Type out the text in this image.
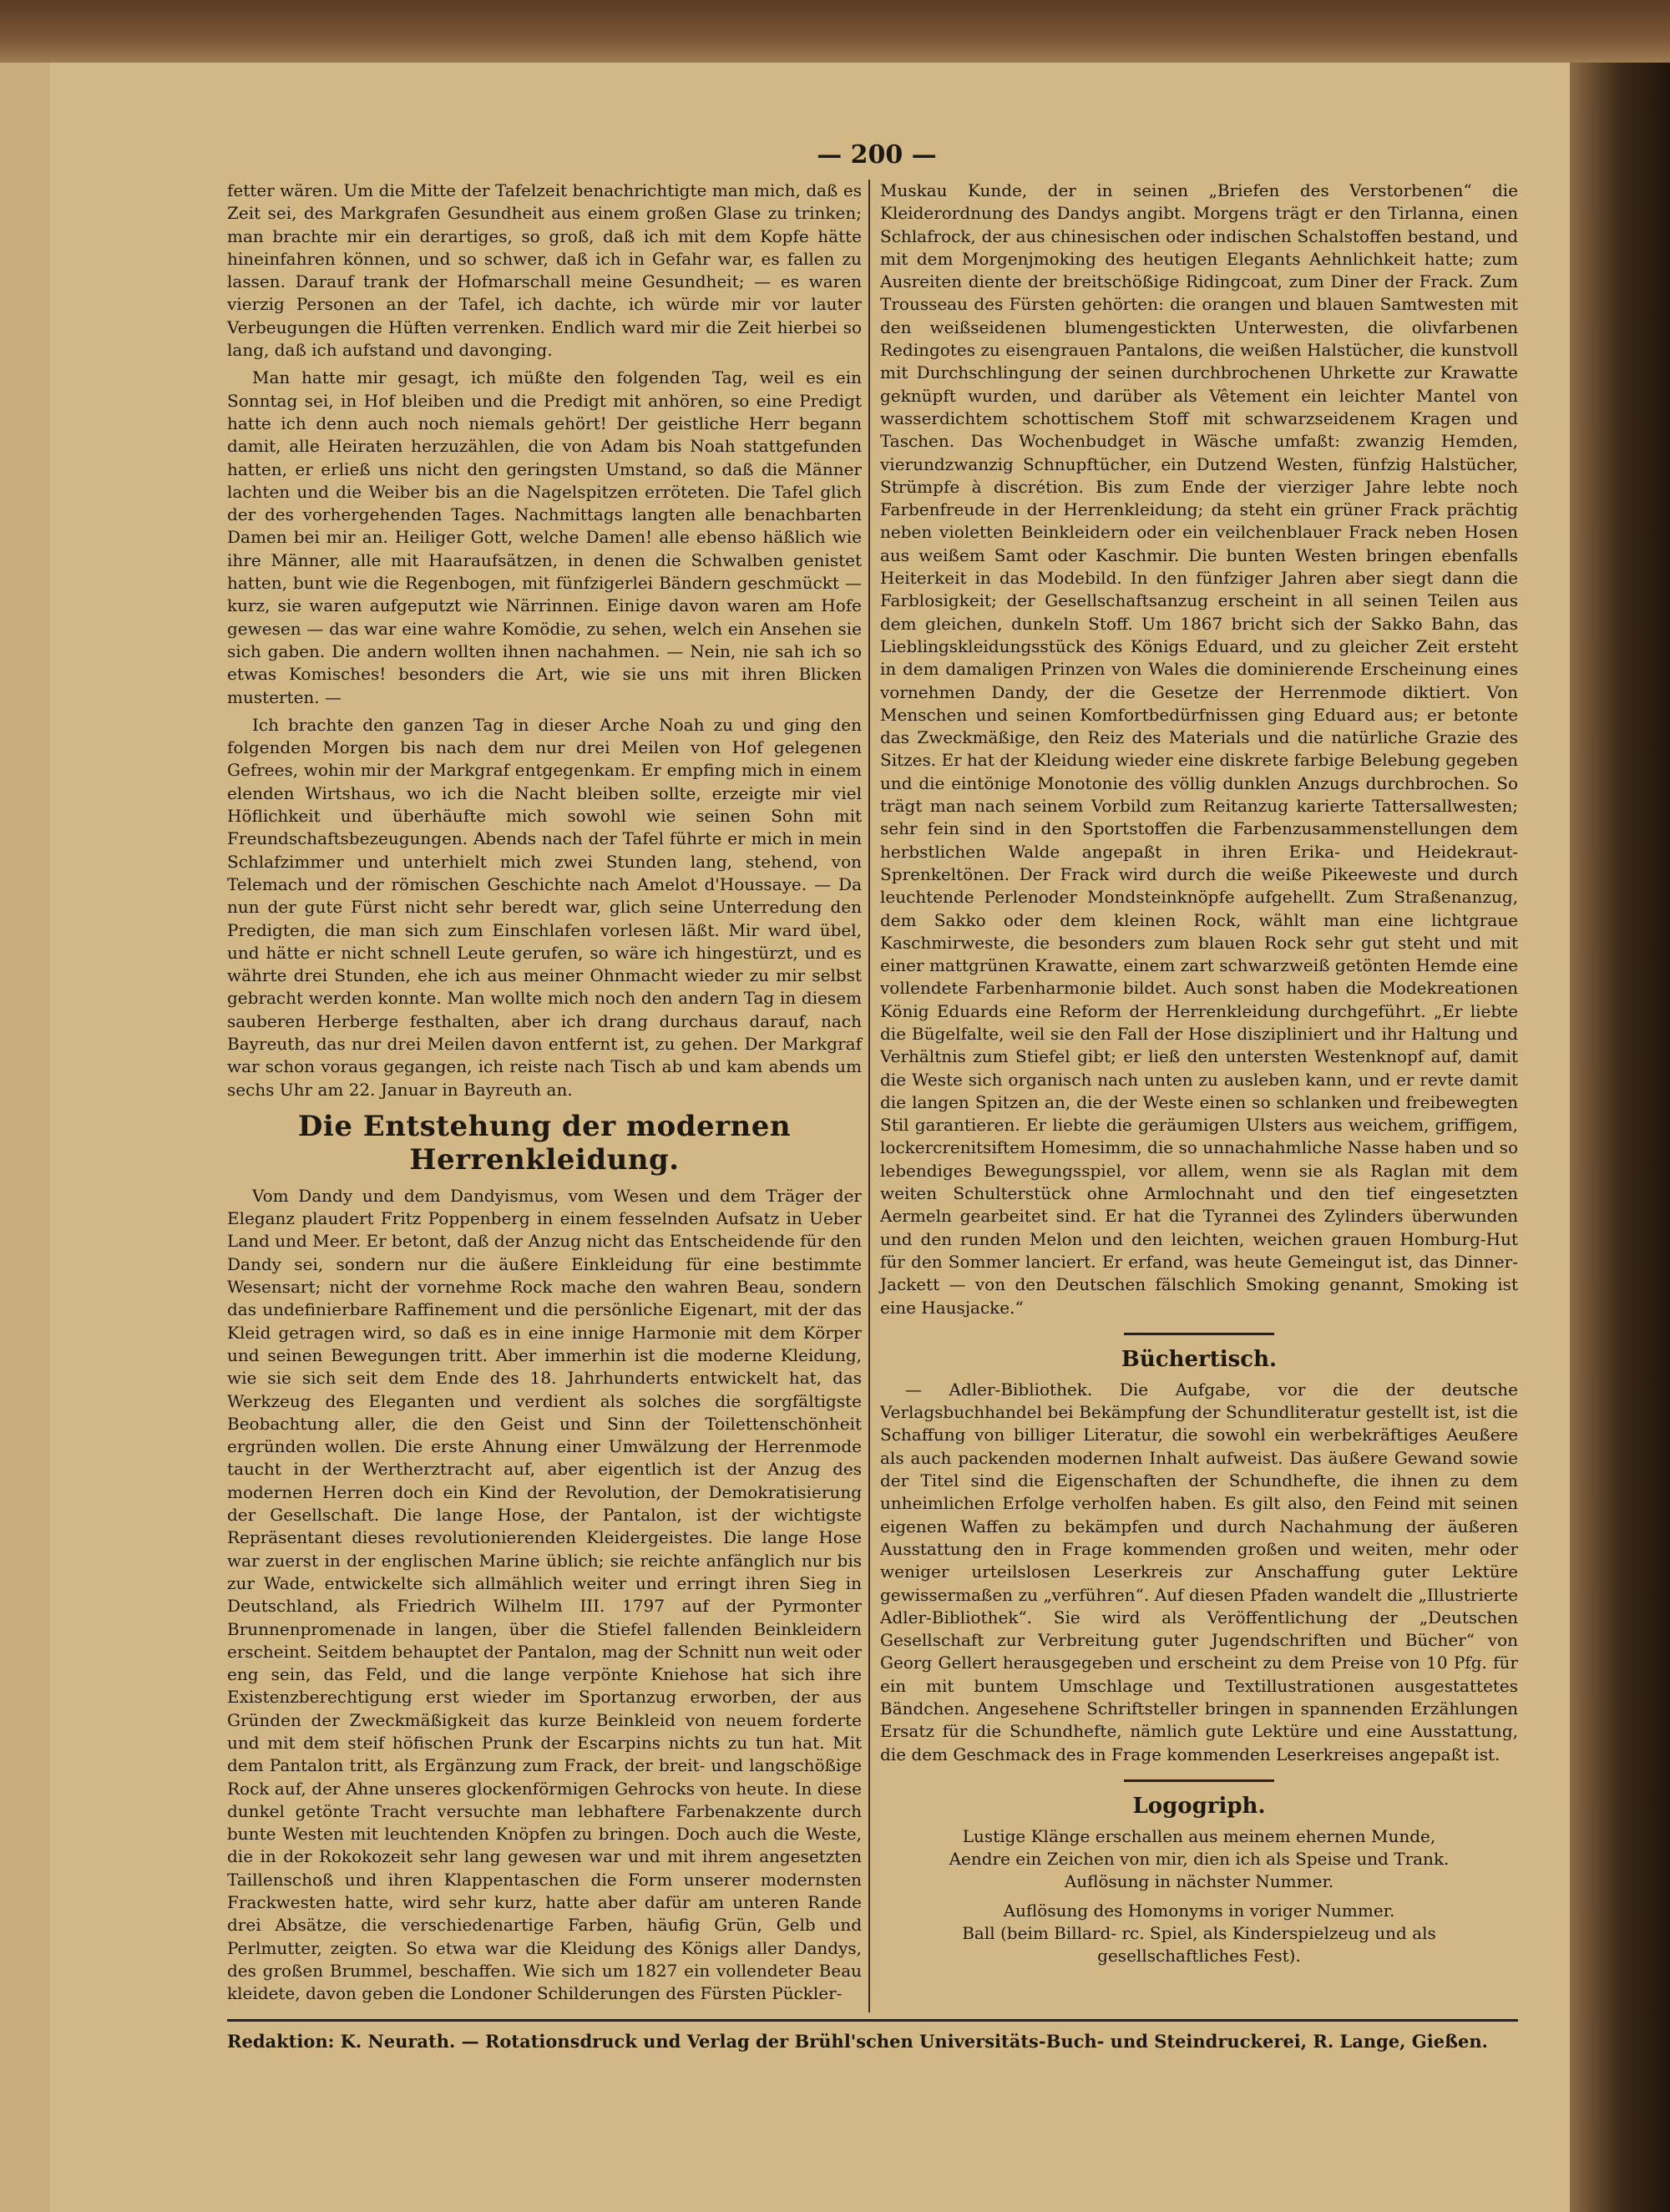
— 200 —

fetter wären. Um die Mitte der Tafelzeit benachrichtigte man mich, daß es Zeit sei, des Markgrafen Gesundheit aus einem großen Glase zu trinken; man brachte mir ein derartiges, so groß, daß ich mit dem Kopfe hätte hineinfahren können, und so schwer, daß ich in Gefahr war, es fallen zu lassen. Darauf trank der Hofmarschall meine Gesundheit; — es waren vierzig Personen an der Tafel, ich dachte, ich würde mir vor lauter Verbeugungen die Hüften verrenken. Endlich ward mir die Zeit hierbei so lang, daß ich aufstand und davonging.

Man hatte mir gesagt, ich müßte den folgenden Tag, weil es ein Sonntag sei, in Hof bleiben und die Predigt mit anhören, so eine Predigt hatte ich denn auch noch niemals gehört! Der geistliche Herr begann damit, alle Heiraten herzuzählen, die von Adam bis Noah stattgefunden hatten, er erließ uns nicht den geringsten Umstand, so daß die Männer lachten und die Weiber bis an die Nagelspitzen erröteten. Die Tafel glich der des vorhergehenden Tages. Nachmittags langten alle benachbarten Damen bei mir an. Heiliger Gott, welche Damen! alle ebenso häßlich wie ihre Männer, alle mit Haaraufsätzen, in denen die Schwalben genistet hatten, bunt wie die Regenbogen, mit fünfzigerlei Bändern geschmückt — kurz, sie waren aufgeputzt wie Närrinnen. Einige davon waren am Hofe gewesen — das war eine wahre Komödie, zu sehen, welch ein Ansehen sie sich gaben. Die andern wollten ihnen nachahmen. — Nein, nie sah ich so etwas Komisches! besonders die Art, wie sie uns mit ihren Blicken musterten. —

Ich brachte den ganzen Tag in dieser Arche Noah zu und ging den folgenden Morgen bis nach dem nur drei Meilen von Hof gelegenen Gefrees, wohin mir der Markgraf entgegenkam. Er empfing mich in einem elenden Wirtshaus, wo ich die Nacht bleiben sollte, erzeigte mir viel Höflichkeit und überhäufte mich sowohl wie seinen Sohn mit Freundschaftsbezeugungen. Abends nach der Tafel führte er mich in mein Schlafzimmer und unterhielt mich zwei Stunden lang, stehend, von Telemach und der römischen Geschichte nach Amelot d'Houssaye. — Da nun der gute Fürst nicht sehr beredt war, glich seine Unterredung den Predigten, die man sich zum Einschlafen vorlesen läßt. Mir ward übel, und hätte er nicht schnell Leute gerufen, so wäre ich hingestürzt, und es währte drei Stunden, ehe ich aus meiner Ohnmacht wieder zu mir selbst gebracht werden konnte. Man wollte mich noch den andern Tag in diesem sauberen Herberge festhalten, aber ich drang durchaus darauf, nach Bayreuth, das nur drei Meilen davon entfernt ist, zu gehen. Der Markgraf war schon voraus gegangen, ich reiste nach Tisch ab und kam abends um sechs Uhr am 22. Januar in Bayreuth an.

Die Entstehung der modernen Herrenkleidung.

Vom Dandy und dem Dandyismus, vom Wesen und dem Träger der Eleganz plaudert Fritz Poppenberg in einem fesselnden Aufsatz in Ueber Land und Meer. Er betont, daß der Anzug nicht das Entscheidende für den Dandy sei, sondern nur die äußere Einkleidung für eine bestimmte Wesensart; nicht der vornehme Rock mache den wahren Beau, sondern das undefinierbare Raffinement und die persönliche Eigenart, mit der das Kleid getragen wird, so daß es in eine innige Harmonie mit dem Körper und seinen Bewegungen tritt. Aber immerhin ist die moderne Kleidung, wie sie sich seit dem Ende des 18. Jahrhunderts entwickelt hat, das Werkzeug des Eleganten und verdient als solches die sorgfältigste Beobachtung aller, die den Geist und Sinn der Toilettenschönheit ergründen wollen. Die erste Ahnung einer Umwälzung der Herrenmode taucht in der Wertherztracht auf, aber eigentlich ist der Anzug des modernen Herren doch ein Kind der Revolution, der Demokratisierung der Gesellschaft. Die lange Hose, der Pantalon, ist der wichtigste Repräsentant dieses revolutionierenden Kleidergeistes. Die lange Hose war zuerst in der englischen Marine üblich; sie reichte anfänglich nur bis zur Wade, entwickelte sich allmählich weiter und erringt ihren Sieg in Deutschland, als Friedrich Wilhelm III. 1797 auf der Pyrmonter Brunnenpromenade in langen, über die Stiefel fallenden Beinkleidern erscheint. Seitdem behauptet der Pantalon, mag der Schnitt nun weit oder eng sein, das Feld, und die lange verpönte Kniehose hat sich ihre Existenzberechtigung erst wieder im Sportanzug erworben, der aus Gründen der Zweckmäßigkeit das kurze Beinkleid von neuem forderte und mit dem steif höfischen Prunk der Escarpins nichts zu tun hat. Mit dem Pantalon tritt, als Ergänzung zum Frack, der breit- und langschößige Rock auf, der Ahne unseres glockenförmigen Gehrocks von heute. In diese dunkel getönte Tracht versuchte man lebhaftere Farbenakzente durch bunte Westen mit leuchtenden Knöpfen zu bringen. Doch auch die Weste, die in der Rokokozeit sehr lang gewesen war und mit ihrem angesetzten Taillenschoß und ihren Klappentaschen die Form unserer modernsten Frackwesten hatte, wird sehr kurz, hatte aber dafür am unteren Rande drei Absätze, die verschiedenartige Farben, häufig Grün, Gelb und Perlmutter, zeigten. So etwa war die Kleidung des Königs aller Dandys, des großen Brummel, beschaffen. Wie sich um 1827 ein vollendeter Beau kleidete, davon geben die Londoner Schilderungen des Fürsten Pückler-

Muskau Kunde, der in seinen „Briefen des Verstorbenen“ die Kleiderordnung des Dandys angibt. Morgens trägt er den Tirlanna, einen Schlafrock, der aus chinesischen oder indischen Schalstoffen bestand, und mit dem Morgenjmoking des heutigen Elegants Aehnlichkeit hatte; zum Ausreiten diente der breitschößige Ridingcoat, zum Diner der Frack. Zum Trousseau des Fürsten gehörten: die orangen und blauen Samtwesten mit den weißseidenen blumengestickten Unterwesten, die olivfarbenen Redingotes zu eisengrauen Pantalons, die weißen Halstücher, die kunstvoll mit Durchschlingung der seinen durchbrochenen Uhrkette zur Krawatte geknüpft wurden, und darüber als Vêtement ein leichter Mantel von wasserdichtem schottischem Stoff mit schwarzseidenem Kragen und Taschen. Das Wochenbudget in Wäsche umfaßt: zwanzig Hemden, vierundzwanzig Schnupftücher, ein Dutzend Westen, fünfzig Halstücher, Strümpfe à discrétion. Bis zum Ende der vierziger Jahre lebte noch Farbenfreude in der Herrenkleidung; da steht ein grüner Frack prächtig neben violetten Beinkleidern oder ein veilchenblauer Frack neben Hosen aus weißem Samt oder Kaschmir. Die bunten Westen bringen ebenfalls Heiterkeit in das Modebild. In den fünfziger Jahren aber siegt dann die Farblosigkeit; der Gesellschaftsanzug erscheint in all seinen Teilen aus dem gleichen, dunkeln Stoff. Um 1867 bricht sich der Sakko Bahn, das Lieblingskleidungsstück des Königs Eduard, und zu gleicher Zeit ersteht in dem damaligen Prinzen von Wales die dominierende Erscheinung eines vornehmen Dandy, der die Gesetze der Herrenmode diktiert. Von Menschen und seinen Komfortbedürfnissen ging Eduard aus; er betonte das Zweckmäßige, den Reiz des Materials und die natürliche Grazie des Sitzes. Er hat der Kleidung wieder eine diskrete farbige Belebung gegeben und die eintönige Monotonie des völlig dunklen Anzugs durchbrochen. So trägt man nach seinem Vorbild zum Reitanzug karierte Tattersallwesten; sehr fein sind in den Sportstoffen die Farbenzusammenstellungen dem herbstlichen Walde angepaßt in ihren Erika- und Heidekraut-Sprenkeltönen. Der Frack wird durch die weiße Pikeeweste und durch leuchtende Perlenoder Mondsteinknöpfe aufgehellt. Zum Straßenanzug, dem Sakko oder dem kleinen Rock, wählt man eine lichtgraue Kaschmirweste, die besonders zum blauen Rock sehr gut steht und mit einer mattgrünen Krawatte, einem zart schwarzweiß getönten Hemde eine vollendete Farbenharmonie bildet. Auch sonst haben die Modekreationen König Eduards eine Reform der Herrenkleidung durchgeführt. „Er liebte die Bügelfalte, weil sie den Fall der Hose diszipliniert und ihr Haltung und Verhältnis zum Stiefel gibt; er ließ den untersten Westenknopf auf, damit die Weste sich organisch nach unten zu ausleben kann, und er revte damit die langen Spitzen an, die der Weste einen so schlanken und freibewegten Stil garantieren. Er liebte die geräumigen Ulsters aus weichem, griffigem, lockercrenitsiftem Homesimm, die so unnachahmliche Nasse haben und so lebendiges Bewegungsspiel, vor allem, wenn sie als Raglan mit dem weiten Schulterstück ohne Armlochnaht und den tief eingesetzten Aermeln gearbeitet sind. Er hat die Tyrannei des Zylinders überwunden und den runden Melon und den leichten, weichen grauen Homburg-Hut für den Sommer lanciert. Er erfand, was heute Gemeingut ist, das Dinner-Jackett — von den Deutschen fälschlich Smoking genannt, Smoking ist eine Hausjacke.“

Büchertisch.

— Adler-Bibliothek. Die Aufgabe, vor die der deutsche Verlagsbuchhandel bei Bekämpfung der Schundliteratur gestellt ist, ist die Schaffung von billiger Literatur, die sowohl ein werbekräftiges Aeußere als auch packenden modernen Inhalt aufweist. Das äußere Gewand sowie der Titel sind die Eigenschaften der Schundhefte, die ihnen zu dem unheimlichen Erfolge verholfen haben. Es gilt also, den Feind mit seinen eigenen Waffen zu bekämpfen und durch Nachahmung der äußeren Ausstattung den in Frage kommenden großen und weiten, mehr oder weniger urteilslosen Leserkreis zur Anschaffung guter Lektüre gewissermaßen zu „verführen“. Auf diesen Pfaden wandelt die „Illustrierte Adler-Bibliothek“. Sie wird als Veröffentlichung der „Deutschen Gesellschaft zur Verbreitung guter Jugendschriften und Bücher“ von Georg Gellert herausgegeben und erscheint zu dem Preise von 10 Pfg. für ein mit buntem Umschlage und Textillustrationen ausgestattetes Bändchen. Angesehene Schriftsteller bringen in spannenden Erzählungen Ersatz für die Schundhefte, nämlich gute Lektüre und eine Ausstattung, die dem Geschmack des in Frage kommenden Leserkreises angepaßt ist.

Logogriph.

Lustige Klänge erschallen aus meinem ehernen Munde,

Aendre ein Zeichen von mir, dien ich als Speise und Trank.

Auflösung in nächster Nummer.

Auflösung des Homonyms in voriger Nummer.

Ball (beim Billard- rc. Spiel, als Kinderspielzeug und als

gesellschaftliches Fest).

Redaktion: K. Neurath. — Rotationsdruck und Verlag der Brühl'schen Universitäts-Buch- und Steindruckerei, R. Lange, Gießen.
